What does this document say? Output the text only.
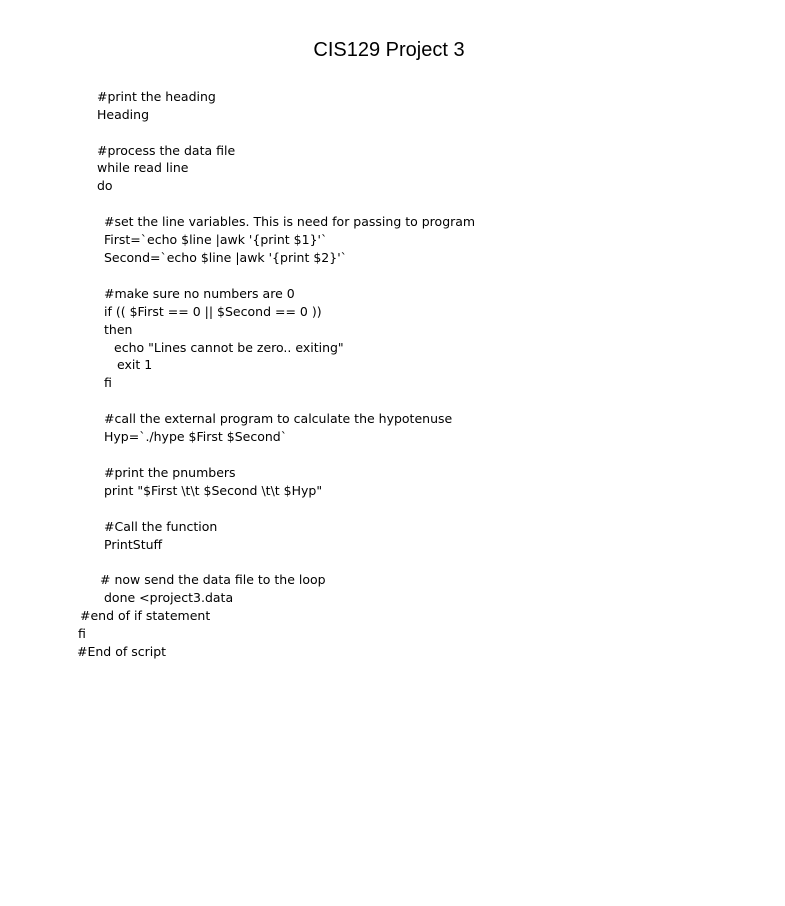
CIS129 Project 3
#print the heading
Heading
#process the data file
while read line
do
#set the line variables. This is need for passing to program
First=`echo $line |awk '{print $1}'`
Second=`echo $line |awk '{print $2}'`
#make sure no numbers are 0
if (( $First == 0 || $Second == 0 ))
then
echo "Lines cannot be zero.. exiting"
exit 1
fi
#call the external program to calculate the hypotenuse
Hyp=`./hype $First $Second`
#print the pnumbers
print "$First \t\t $Second \t\t $Hyp"
#Call the function
PrintStuff
# now send the data file to the loop
done <project3.data
#end of if statement
fi
#End of script
